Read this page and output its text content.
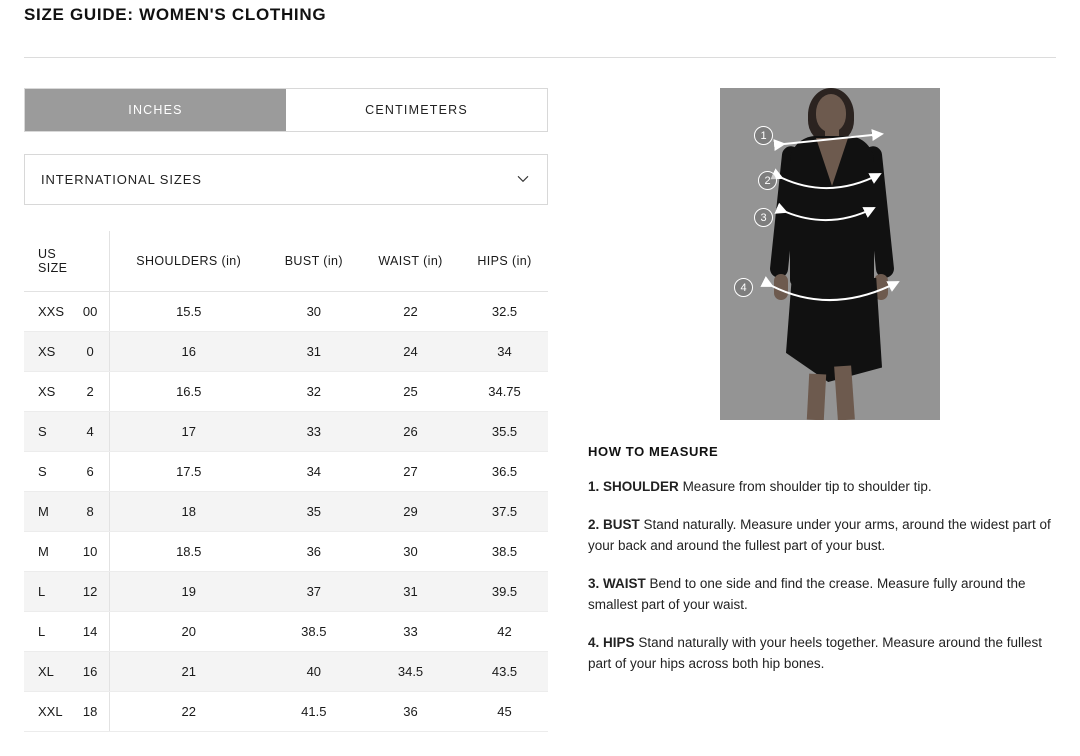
SIZE GUIDE: WOMEN'S CLOTHING
INCHES	CENTIMETERS
INTERNATIONAL SIZES
US SIZE		SHOULDERS (in)	BUST (in)	WAIST (in)	HIPS (in)
XXS	00	15.5	30	22	32.5
XS	0	16	31	24	34
XS	2	16.5	32	25	34.75
S	4	17	33	26	35.5
S	6	17.5	34	27	36.5
M	8	18	35	29	37.5
M	10	18.5	36	30	38.5
L	12	19	37	31	39.5
L	14	20	38.5	33	42
XL	16	21	40	34.5	43.5
XXL	18	22	41.5	36	45
1
2
3
4
HOW TO MEASURE
1. SHOULDER Measure from shoulder tip to shoulder tip.
2. BUST Stand naturally. Measure under your arms, around the widest part of your back and around the fullest part of your bust.
3. WAIST Bend to one side and find the crease. Measure fully around the smallest part of your waist.
4. HIPS Stand naturally with your heels together. Measure around the fullest part of your hips across both hip bones.
